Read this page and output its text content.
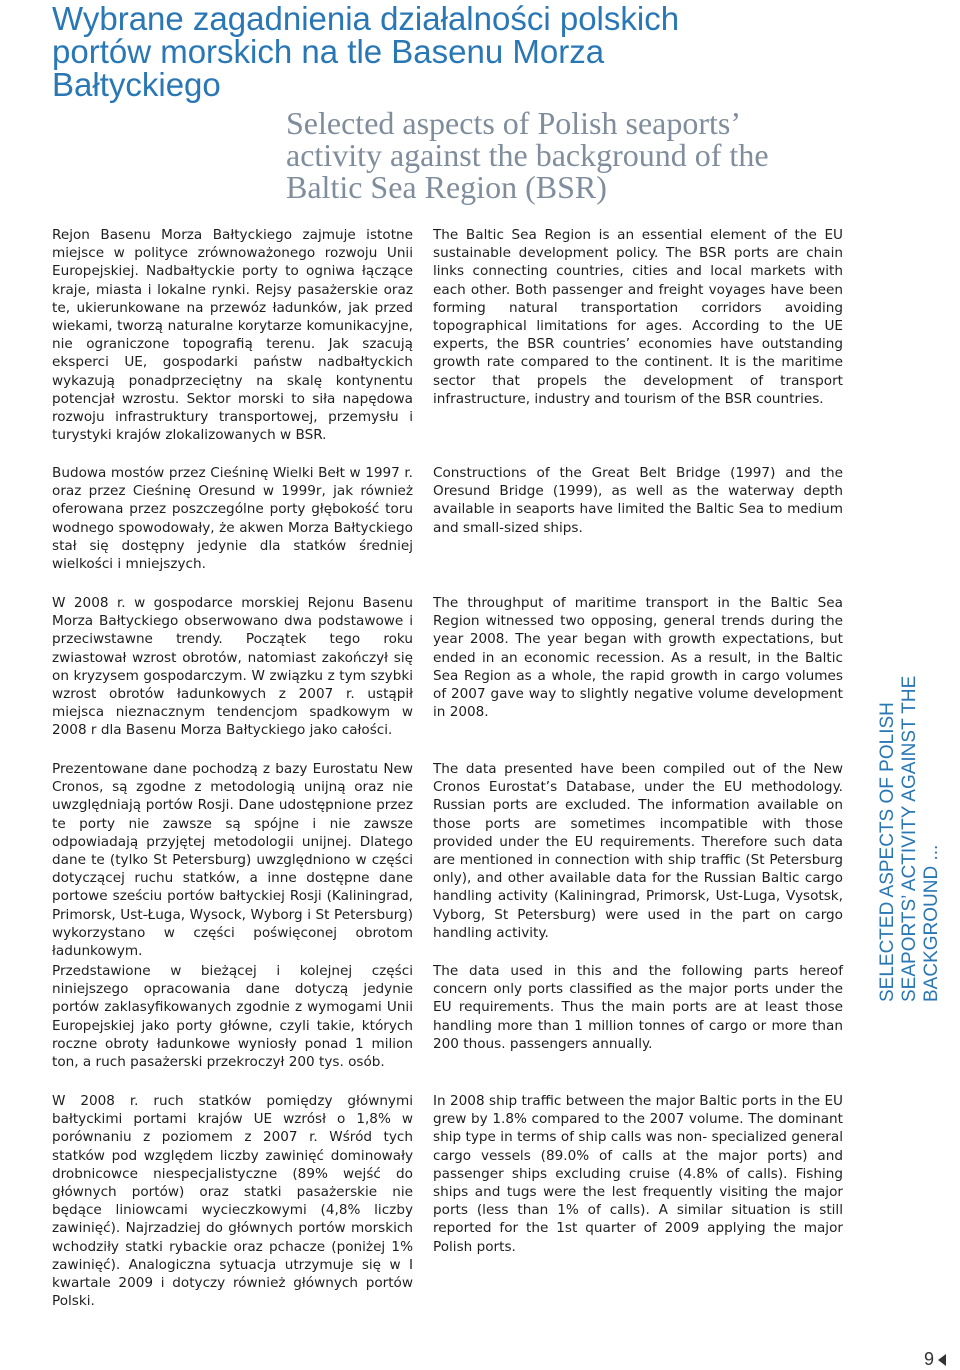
Wybrane zagadnienia działalności polskich portów morskich na tle Basenu Morza Bałtyckiego
Selected aspects of Polish seaports’ activity against the background of the Baltic Sea Region (BSR)

Rejon Basenu Morza Bałtyckiego zajmuje istotne miejsce w polityce zrównoważonego rozwoju Unii Europejskiej. Nadbałtyckie porty to ogniwa łączące kraje, miasta i lokalne rynki. Rejsy pasażerskie oraz te, ukierunkowane na przewóz ładunków, jak przed wiekami, tworzą naturalne korytarze komunikacyjne, nie ograniczone topografią terenu. Jak szacują eksperci UE, gospodarki państw nadbałtyckich wykazują ponadprzeciętny na skalę kontynentu potencjał wzrostu. Sektor morski to siła napędowa rozwoju infrastruktury transportowej, przemysłu i turystyki krajów zlokalizowanych w BSR.

Budowa mostów przez Cieśninę Wielki Bełt w 1997 r. oraz przez Cieśninę Oresund w 1999r, jak również oferowana przez poszczególne porty głębokość toru wodnego spowodowały, że akwen Morza Bałtyckiego stał się dostępny jedynie dla statków średniej wielkości i mniejszych.

W 2008 r. w gospodarce morskiej Rejonu Basenu Morza Bałtyckiego obserwowano dwa podstawowe i przeciwstawne trendy. Początek tego roku zwiastował wzrost obrotów, natomiast zakończył się on kryzysem gospodarczym. W związku z tym szybki wzrost obrotów ładunkowych z 2007 r. ustąpił miejsca nieznacznym tendencjom spadkowym w 2008 r dla Basenu Morza Bałtyckiego jako całości.

Prezentowane dane pochodzą z bazy Eurostatu New Cronos, są zgodne z metodologią unijną oraz nie uwzględniają portów Rosji. Dane udostępnione przez te porty nie zawsze są spójne i nie zawsze odpowiadają przyjętej metodologii unijnej. Dlatego dane te (tylko St Petersburg) uwzględniono w części dotyczącej ruchu statków, a inne dostępne dane portowe sześciu portów bałtyckiej Rosji (Kaliningrad, Primorsk, Ust-Ługa, Wysock, Wyborg i St Petersburg) wykorzystano w części poświęconej obrotom ładunkowym.

Przedstawione w bieżącej i kolejnej części niniejszego opracowania dane dotyczą jedynie portów zaklasyfikowanych zgodnie z wymogami Unii Europejskiej jako porty główne, czyli takie, których roczne obroty ładunkowe wyniosły ponad 1 milion ton, a ruch pasażerski przekroczył 200 tys. osób.

W 2008 r. ruch statków pomiędzy głównymi bałtyckimi portami krajów UE wzrósł o 1,8% w porównaniu z poziomem z 2007 r. Wśród tych statków pod względem liczby zawinięć dominowały drobnicowce niespecjalistyczne (89% wejść do głównych portów) oraz statki pasażerskie nie będące liniowcami wycieczkowymi (4,8% liczby zawinięć). Najrzadziej do głównych portów morskich wchodziły statki rybackie oraz pchacze (poniżej 1% zawinięć). Analogiczna sytuacja utrzymuje się w I kwartale 2009 i dotyczy również głównych portów Polski.

The Baltic Sea Region is an essential element of the EU sustainable development policy. The BSR ports are chain links connecting countries, cities and local markets with each other. Both passenger and freight voyages have been forming natural transportation corridors avoiding topographical limitations for ages. According to the UE experts, the BSR countries’ economies have outstanding growth rate compared to the continent. It is the maritime sector that propels the development of transport infrastructure, industry and tourism of the BSR countries.

Constructions of the Great Belt Bridge (1997) and the Oresund Bridge (1999), as well as the waterway depth available in seaports have limited the Baltic Sea to medium and small-sized ships.

The throughput of maritime transport in the Baltic Sea Region witnessed two opposing, general trends during the year 2008. The year began with growth expectations, but ended in an economic recession. As a result, in the Baltic Sea Region as a whole, the rapid growth in cargo volumes of 2007 gave way to slightly negative volume development in 2008.

The data presented have been compiled out of the New Cronos Eurostat’s Database, under the EU methodology. Russian ports are excluded. The information available on those ports are sometimes incompatible with those provided under the EU requirements. Therefore such data are mentioned in connection with ship traffic (St Petersburg only), and other available data for the Russian Baltic cargo handling activity (Kaliningrad, Primorsk, Ust-Luga, Vysotsk, Vyborg, St Petersburg) were used in the part on cargo handling activity.

The data used in this and the following parts hereof concern only ports classified as the major ports under the EU requirements. Thus the main ports are at least those handling more than 1 million tonnes of cargo or more than 200 thous. passengers annually.

In 2008 ship traffic between the major Baltic ports in the EU grew by 1.8% compared to the 2007 volume. The dominant ship type in terms of ship calls was non- specialized general cargo vessels (89.0% of calls at the major ports) and passenger ships excluding cruise (4.8% of calls). Fishing ships and tugs were the lest frequently visiting the major ports (less than 1% of calls). A similar situation is still reported for the 1st quarter of 2009 applying the major Polish ports.

SELECTED ASPECTS OF POLISH SEAPORTS’ ACTIVITY AGAINST THE BACKGROUND ...
9
